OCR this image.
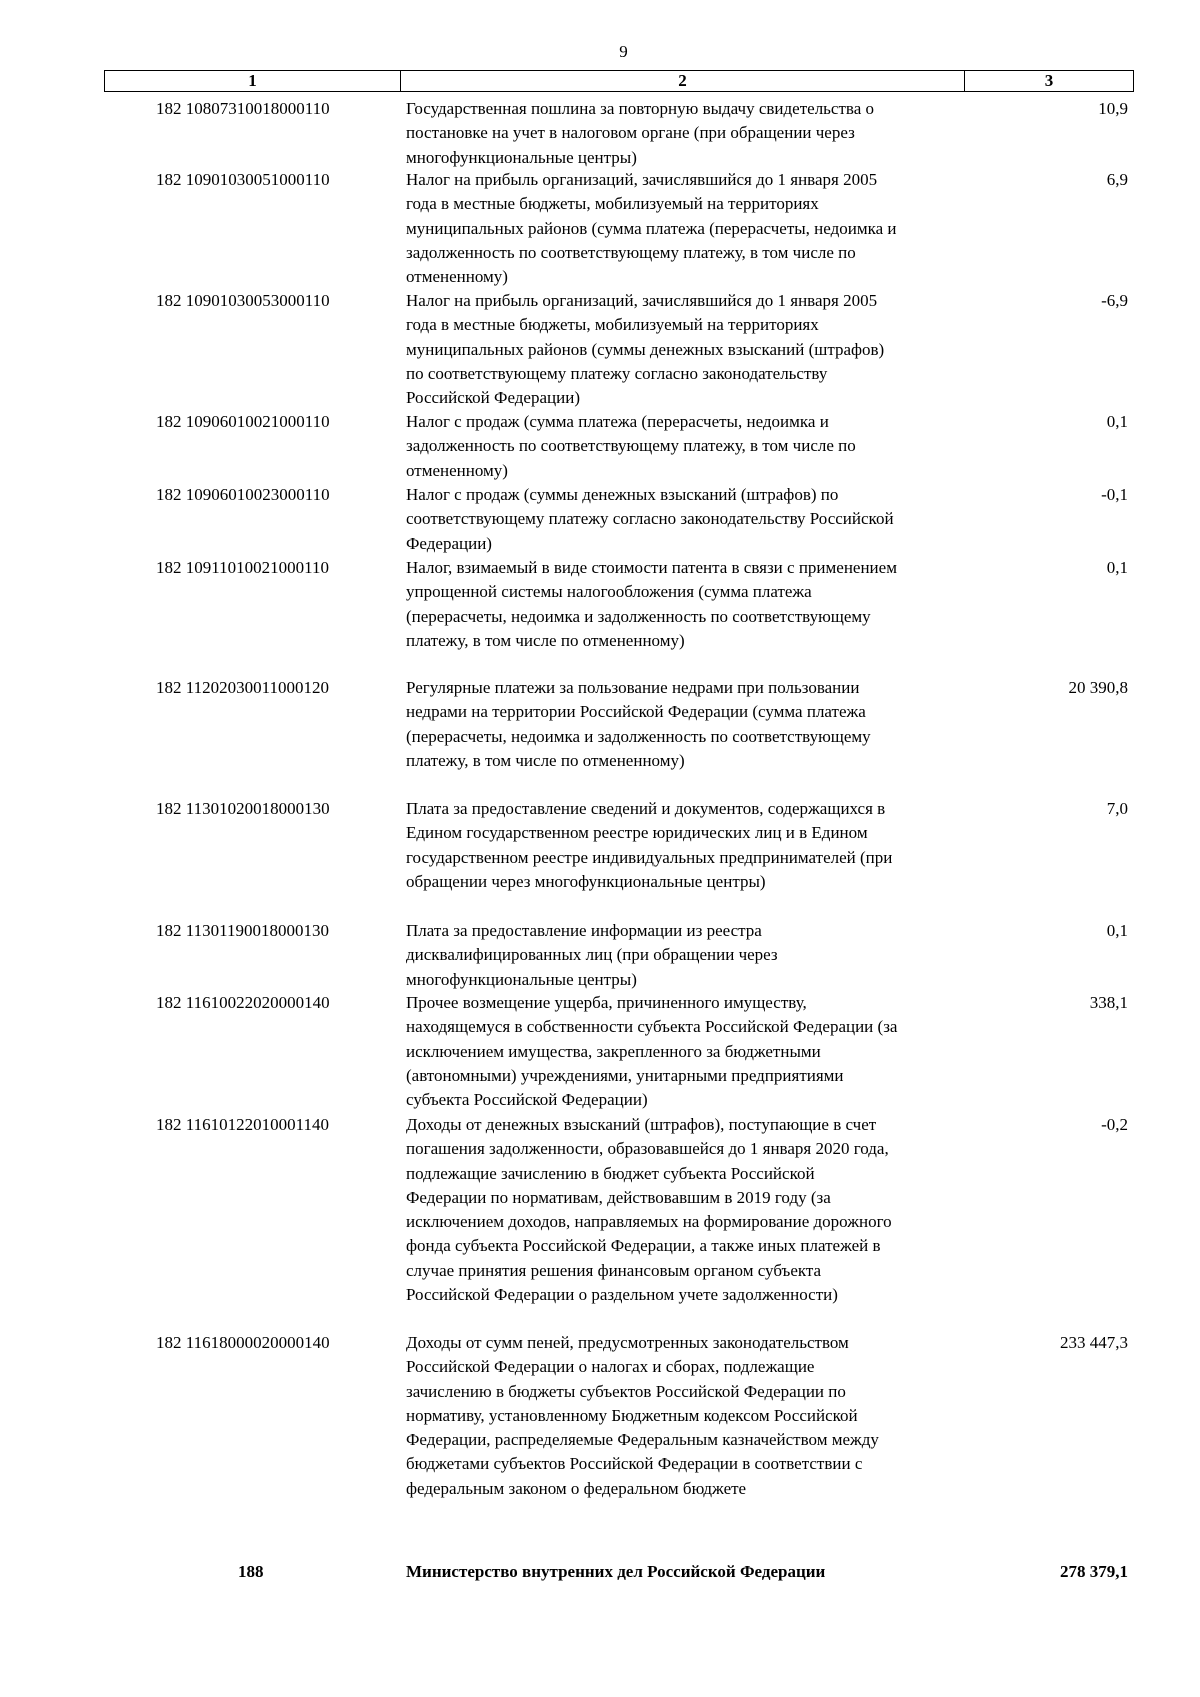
9
1	2	3
182 10807310018000110	Государственная пошлина за повторную выдачу свидетельства о
постановке на учет в налоговом органе (при обращении через
многофункциональные центры)
10,9
182 10901030051000110	Налог на прибыль организаций, зачислявшийся до 1 января 2005
года в местные бюджеты, мобилизуемый на территориях
муниципальных районов (сумма платежа (перерасчеты, недоимка и
задолженность по соответствующему платежу, в том числе по
отмененному)
6,9
182 10901030053000110	Налог на прибыль организаций, зачислявшийся до 1 января 2005
года в местные бюджеты, мобилизуемый на территориях
муниципальных районов (суммы денежных взысканий (штрафов)
по соответствующему платежу согласно законодательству
Российской Федерации)
-6,9
182 10906010021000110	Налог с продаж (сумма платежа (перерасчеты, недоимка и
задолженность по соответствующему платежу, в том числе по
отмененному)
0,1
182 10906010023000110	Налог с продаж (суммы денежных взысканий (штрафов) по
соответствующему платежу согласно законодательству Российской
Федерации)
-0,1
182 10911010021000110	Налог, взимаемый в виде стоимости патента в связи с применением
упрощенной системы налогообложения (сумма платежа
(перерасчеты, недоимка и задолженность по соответствующему
платежу, в том числе по отмененному)
0,1
182 11202030011000120	Регулярные платежи за пользование недрами при пользовании
недрами на территории Российской Федерации (сумма платежа
(перерасчеты, недоимка и задолженность по соответствующему
платежу, в том числе по отмененному)
20 390,8
182 11301020018000130	Плата за предоставление сведений и документов, содержащихся в
Едином государственном реестре юридических лиц и в Едином
государственном реестре индивидуальных предпринимателей (при
обращении через многофункциональные центры)
7,0
182 11301190018000130	Плата за предоставление информации из реестра
дисквалифицированных лиц (при обращении через
многофункциональные центры)
0,1
182 11610022020000140	Прочее возмещение ущерба, причиненного имуществу,
находящемуся в собственности субъекта Российской Федерации (за
исключением имущества, закрепленного за бюджетными
(автономными) учреждениями, унитарными предприятиями
субъекта Российской Федерации)
338,1
182 11610122010001140	Доходы от денежных взысканий (штрафов), поступающие в счет
погашения задолженности, образовавшейся до 1 января 2020 года,
подлежащие зачислению в бюджет субъекта Российской
Федерации по нормативам, действовавшим в 2019 году (за
исключением доходов, направляемых на формирование дорожного
фонда субъекта Российской Федерации, а также иных платежей в
случае принятия решения финансовым органом субъекта
Российской Федерации о раздельном учете задолженности)
-0,2
182 11618000020000140	Доходы от сумм пеней, предусмотренных законодательством
Российской Федерации о налогах и сборах, подлежащие
зачислению в бюджеты субъектов Российской Федерации по
нормативу, установленному Бюджетным кодексом Российской
Федерации, распределяемые Федеральным казначейством между
бюджетами субъектов Российской Федерации в соответствии с
федеральным законом о федеральном бюджете
233 447,3
188	Министерство внутренних дел Российской Федерации	278 379,1
